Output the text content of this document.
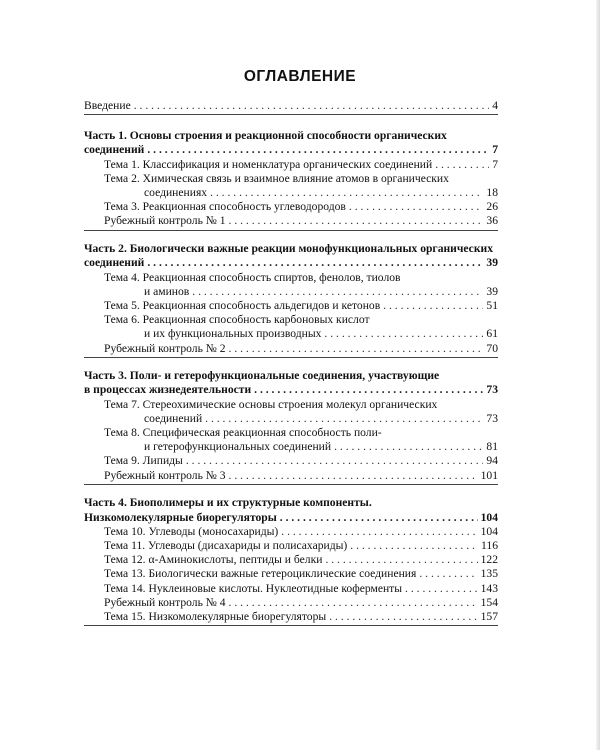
ОГЛАВЛЕНИЕ
Введение . . .	4
Часть 1. Основы строения и реакционной способности органических
соединений . . .	7
Тема 1. Классификация и номенклатура органических соединений . . .	7
Тема 2. Химическая связь и взаимное влияние атомов в органических
соединениях . . .	18
Тема 3. Реакционная способность углеводородов . . .	26
Рубежный контроль № 1 . . .	36
Часть 2. Биологически важные реакции монофункциональных органических
соединений . . .	39
Тема 4. Реакционная способность спиртов, фенолов, тиолов
и аминов . . .	39
Тема 5. Реакционная способность альдегидов и кетонов . . .	51
Тема 6. Реакционная способность карбоновых кислот
и их функциональных производных . . .	61
Рубежный контроль № 2 . . .	70
Часть 3. Поли- и гетерофункциональные соединения, участвующие
в процессах жизнедеятельности . . .	73
Тема 7. Стереохимические основы строения молекул органических
соединений . . .	73
Тема 8. Специфическая реакционная способность поли-
и гетерофункциональных соединений . . .	81
Тема 9. Липиды . . .	94
Рубежный контроль № 3 . . .	101
Часть 4. Биополимеры и их структурные компоненты.
Низкомолекулярные биорегуляторы . . .	104
Тема 10. Углеводы (моносахариды) . . .	104
Тема 11. Углеводы (дисахариды и полисахариды) . . .	116
Тема 12. α-Аминокислоты, пептиды и белки . . .	122
Тема 13. Биологически важные гетероциклические соединения . . .	135
Тема 14. Нуклеиновые кислоты. Нуклеотидные коферменты . . .	143
Рубежный контроль № 4 . . .	154
Тема 15. Низкомолекулярные биорегуляторы . . .	157
